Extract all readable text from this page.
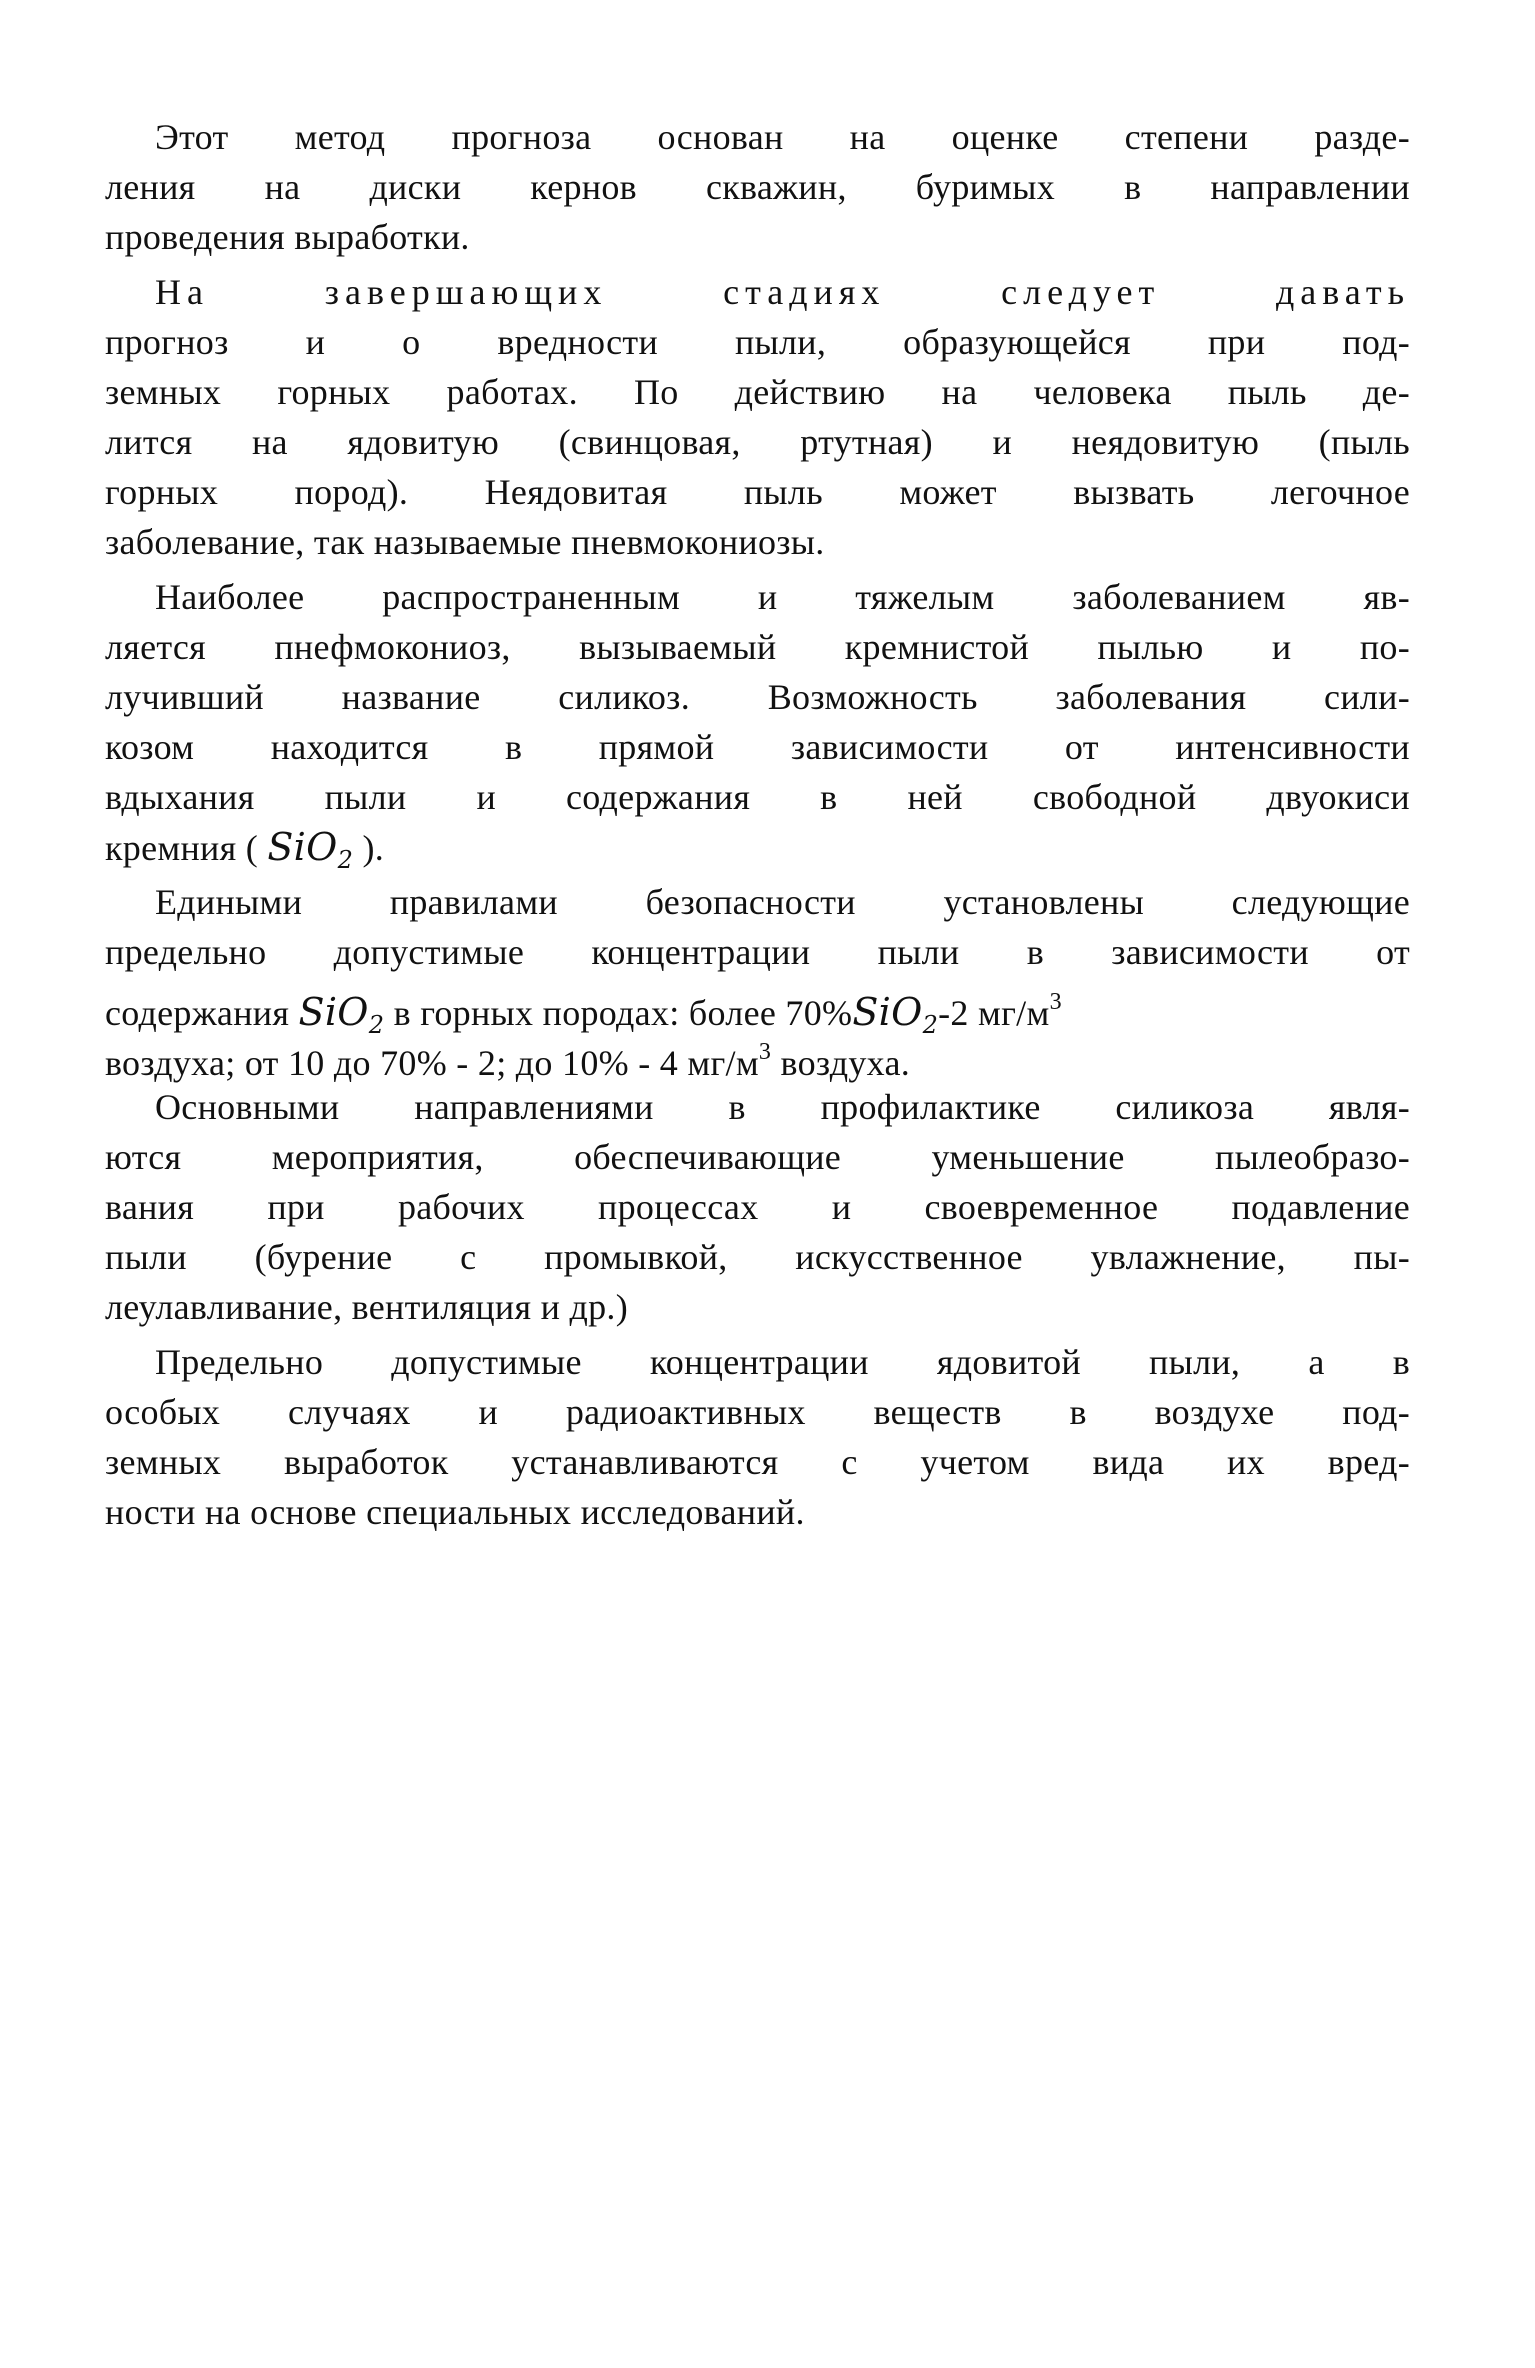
Этот метод прогноза основан на оценке степени раздe-
ления на диски кернов скважин, буримых в направлении
проведения выработки.
На завершающих стадиях следует давать
прогноз и о вредности пыли, образующейся при под-
земных горных работах. По действию на человека пыль де-
лится на ядовитую (свинцовая, ртутная) и неядовитую (пыль
горных пород). Неядовитая пыль может вызвать легочное
заболевание, так называемые пневмокониозы.
Наиболее распространенным и тяжелым заболеванием яв-
ляется пнефмокониоз, вызываемый кремнистой пылью и по-
лучивший название силикоз. Возможность заболевания сили-
козом находится в прямой зависимости от интенсивности
вдыхания пыли и содержания в ней свободной двуокиси
кремния ( SiO$_2$ ).
Едиными правилами безопасности установлены следующие
предельно допустимые концентрации пыли в зависимости от
содержания SiO$_2$ в горных породах: более 70%SiO$_2$-2 $мг/м^3$
воздуха; от 10 до 70% - 2; до 10% - 4 $мг/м^3$ воздуха.
Основными направлениями в профилактике силикоза явля-
ются мероприятия, обеспечивающие уменьшение пылеобразо-
вания при рабочих процессах и своевременное подавление
пыли (бурение с промывкой, искусственное увлажнение, пы-
леулавливание, вентиляция и др.)
Предельно допустимые концентрации ядовитой пыли, а в
особых случаях и радиоактивных веществ в воздухе под-
земных выработок устанавливаются с учетом вида их вред-
ности на основе специальных исследований.
